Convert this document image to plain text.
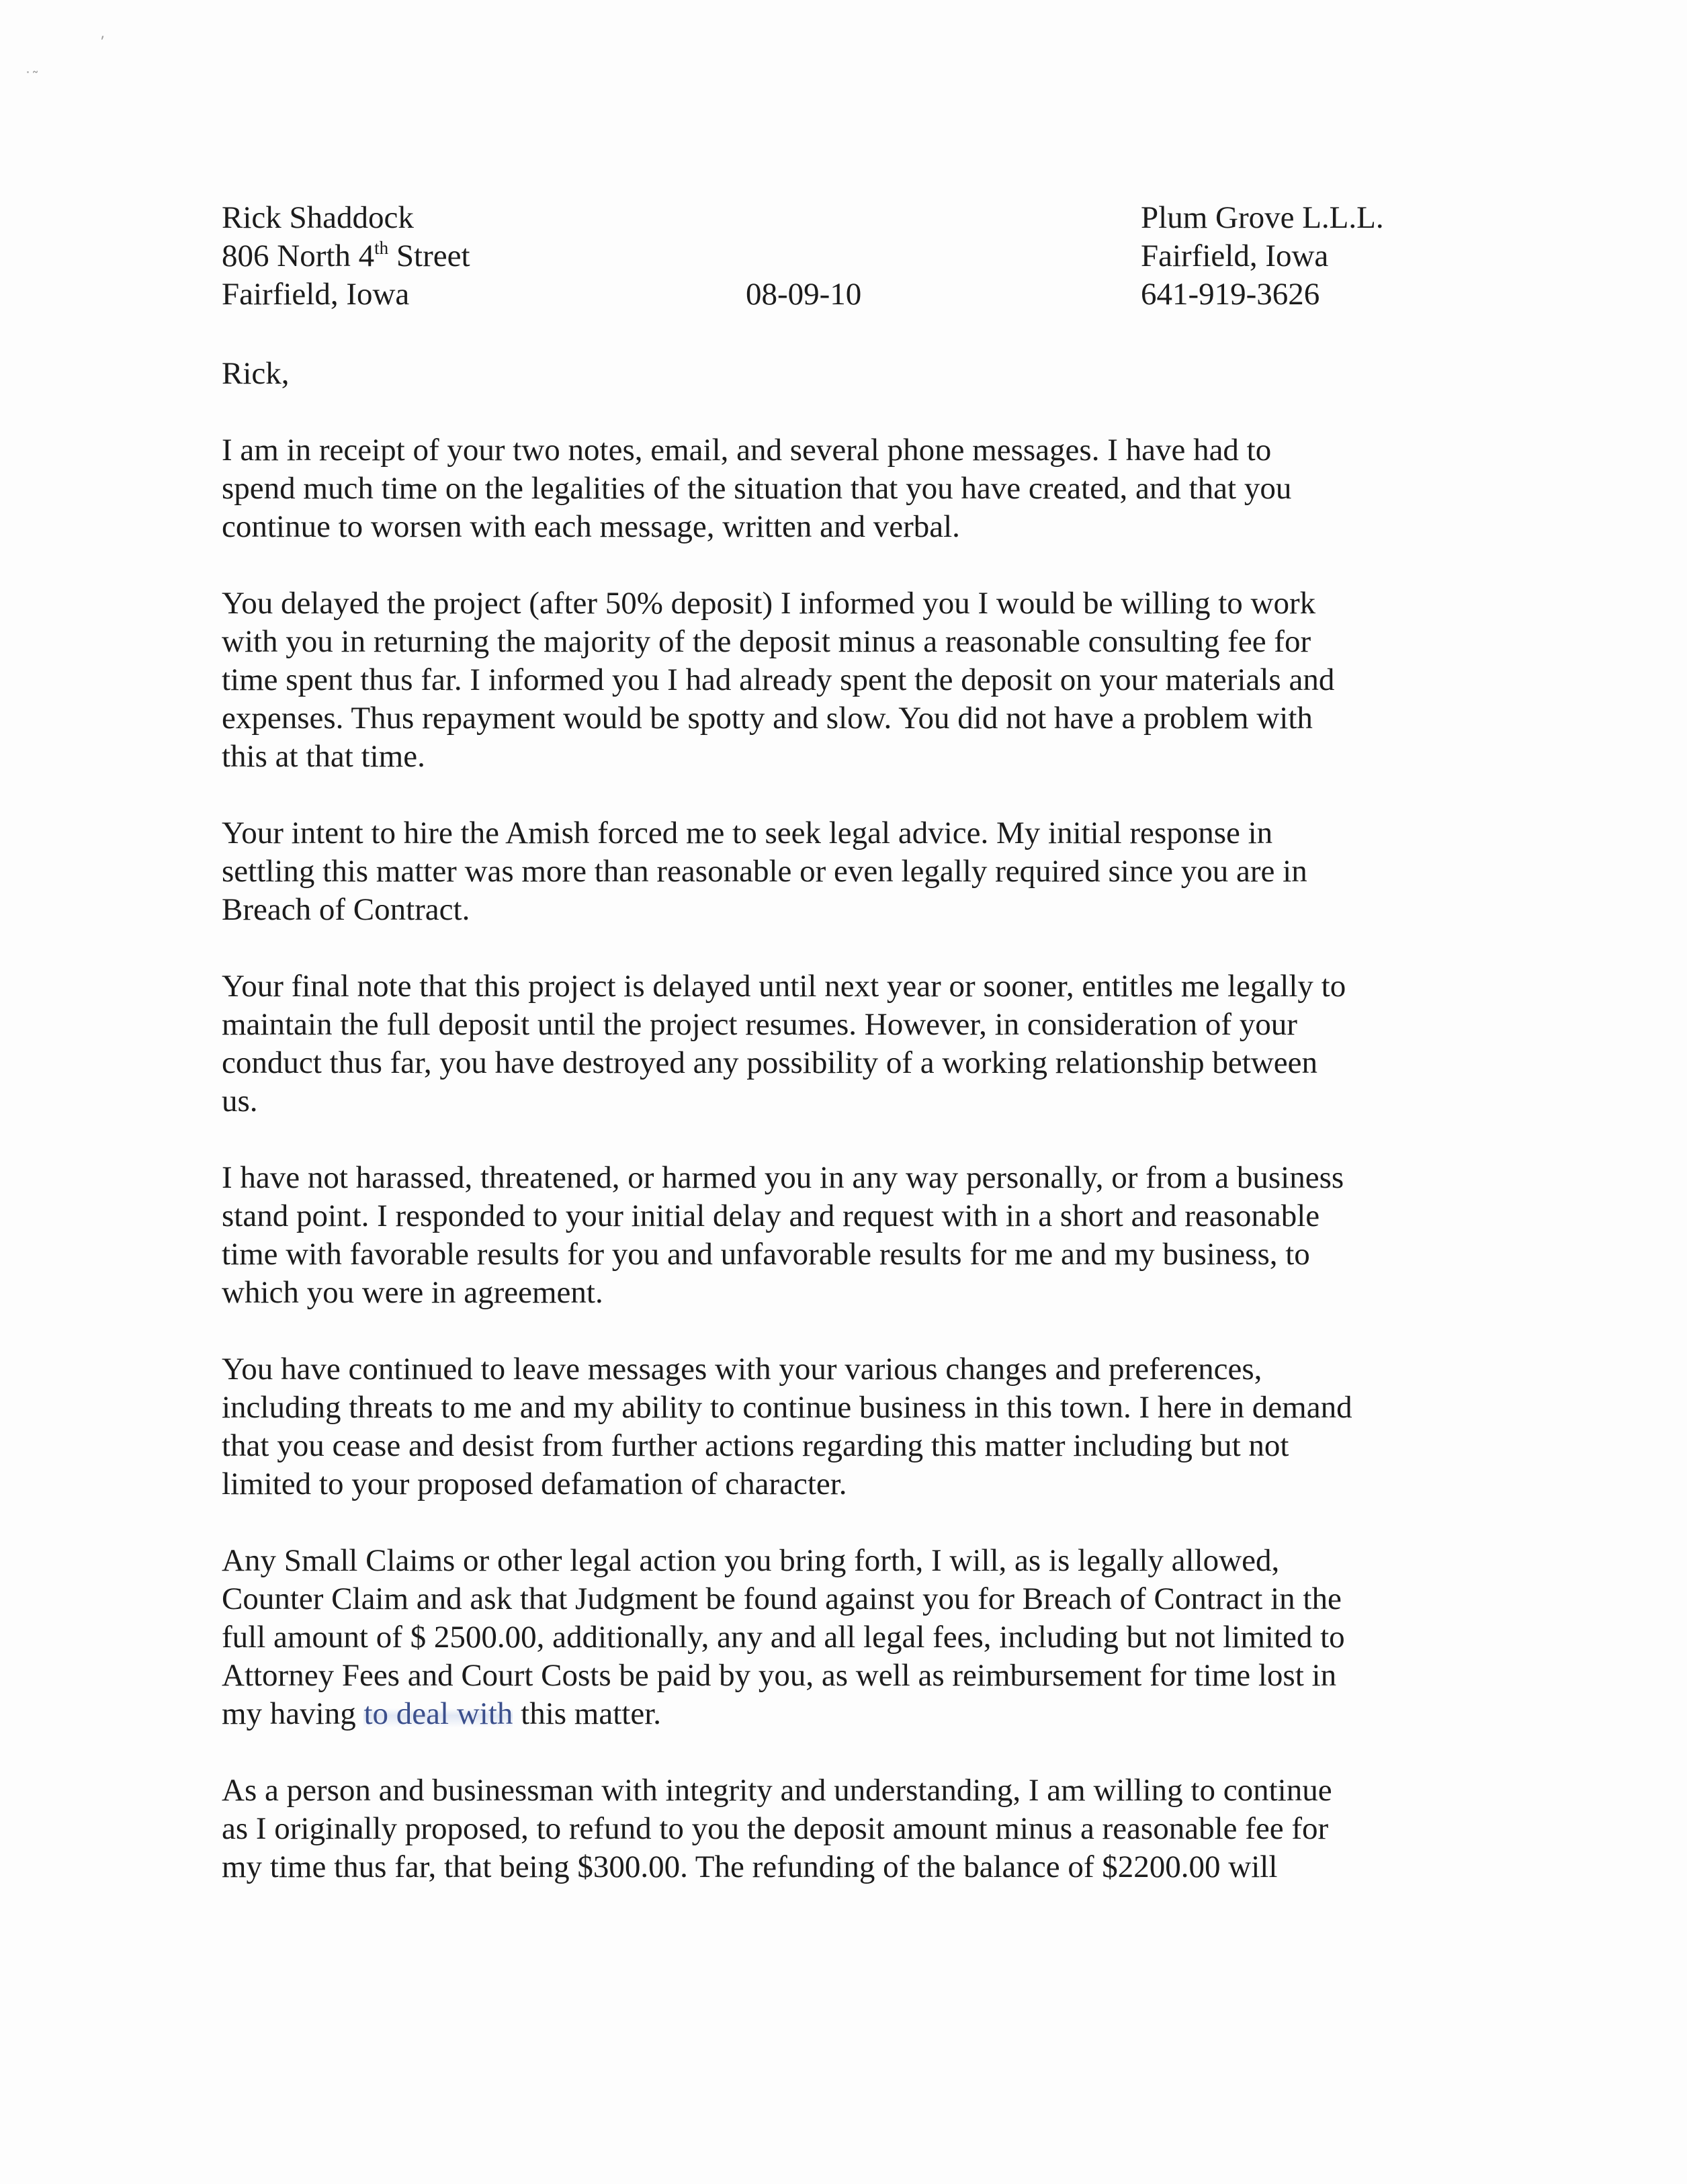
⸴
˙˜
Rick Shaddock
806 North 4th Street
Fairfield, Iowa	08-09-10
Plum Grove L.L.L.
Fairfield, Iowa
641-919-3626
Rick,
I am in receipt of your two notes, email, and several phone messages. I have had to
spend much time on the legalities of the situation that you have created, and that you
continue to worsen with each message, written and verbal.
You delayed the project (after 50% deposit) I informed you I would be willing to work
with you in returning the majority of the deposit minus a reasonable consulting fee for
time spent thus far. I informed you I had already spent the deposit on your materials and
expenses. Thus repayment would be spotty and slow. You did not have a problem with
this at that time.
Your intent to hire the Amish forced me to seek legal advice. My initial response in
settling this matter was more than reasonable or even legally required since you are in
Breach of Contract.
Your final note that this project is delayed until next year or sooner, entitles me legally to
maintain the full deposit until the project resumes. However, in consideration of your
conduct thus far, you have destroyed any possibility of a working relationship between
us.
I have not harassed, threatened, or harmed you in any way personally, or from a business
stand point. I responded to your initial delay and request with in a short and reasonable
time with favorable results for you and unfavorable results for me and my business, to
which you were in agreement.
You have continued to leave messages with your various changes and preferences,
including threats to me and my ability to continue business in this town. I here in demand
that you cease and desist from further actions regarding this matter including but not
limited to your proposed defamation of character.
Any Small Claims or other legal action you bring forth, I will, as is legally allowed,
Counter Claim and ask that Judgment be found against you for Breach of Contract in the
full amount of $ 2500.00, additionally, any and all legal fees, including but not limited to
Attorney Fees and Court Costs be paid by you, as well as reimbursement for time lost in
my having to deal with this matter.
As a person and businessman with integrity and understanding, I am willing to continue
as I originally proposed, to refund to you the deposit amount minus a reasonable fee for
my time thus far, that being $300.00. The refunding of the balance of $2200.00 will
